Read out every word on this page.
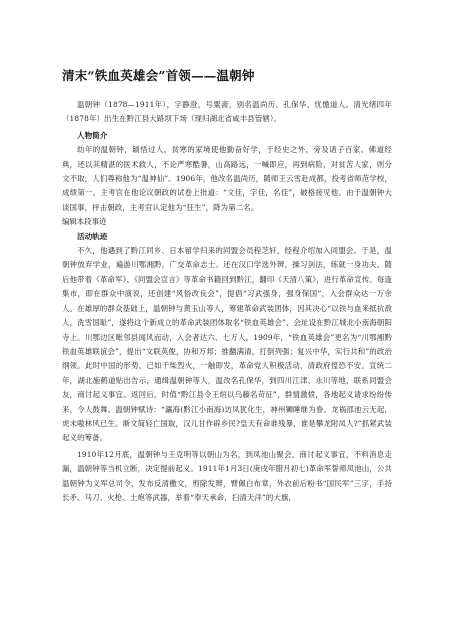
清末“铁血英雄会”首领——温朝钟

温朝钟（1878—1911年），字静澄，号粟斋，别名温尚历、孔保华、忧憺道人。清光绪四年（1878年）出生在黔江县大路坝下场（现归湖北省咸丰县管辖）。

人物简介

幼年的温朝钟，颖悟过人，贫寒的家境使他勤奋好学，于经史之外，旁及诸子百家、佛道经典，还以其精湛的医术救人，不论严寒酷暑，山高路远，一喊即应，再到病险，对贫苦人家，则分文不取，人们尊称他为“温神仙”。1906年，他改名温尚历，随师王云雪赴成都，投考省师范学校，成绩第一。主考官在他论议朝政的试卷上批道：“文佳，字佳，名佳”，破格接见他。由于温朝钟大谈国事，抨击朝政，主考官认定他为“狂生”，降为第二名。

编辑本段事迹

活动轨迹

不久，他遇到了黔江同乡、日本留学归来的同盟会员程芝轩，经程介绍加入同盟会。于是，温朝钟放弃学业，遍游川鄂湘黔，广交革命志士。还在汉口学选外辨，操习剑法，练就一身功夫。随后他带着《革命军》、《同盟会宣言》等革命书籍回到黔江，翻印《天清八策》，进行革命宣传。每逢集市，即在群众中演说，还创建“风俗改良会”，提倡“习武强身，强身保国”，入会群众达一万余人。在雄厚的群众基础上，温朝钟与黄玉山等人，筹建革命武装团体，因其决心“以铁与血来抵抗敌人，洗雪国耻”，遂将这个新成立的革命武装团体取名“铁血英雄会”，会址设在黔江城北小南海朝阳寺上。川鄂边区毗邻县闻风而动，入会者达六、七万人。1909年，“铁血英雄会”更名为“川鄂湘黔铁血英雄联谊会”，提出“文联英俊，协和万邦；推翻满清，打倒列强；复兴中华，实行共和”的政治纲领。此时中国的形势，已如干柴烈火，一触即发，革命党人积极活动，清政府惶恐不安。宣统二年，湖北施鹤道贴出告示，通缉温朝钟等人，温改名孔保华，到四川江津、永川等地，联系同盟会友，商讨起义事宜。返回后，时值“黔江县令王烜以乌藤名苛征”，群情激愤，各地起义请求纷纷传来，令人鼓舞。温朝钟赋诗：“瀛海(黔江小南海)访凤犹化生，神州狮睡继为眷。龙祸邵池云无起，虎未嗷林风已生。渐文简轻亡国取，汉儿甘作辟乡民?皇天有命谁残暴，谁是攀龙附凤人?”抓紧武装起义的筹备。

1910年12月底，温朝钟与王克明等以朝山为名，到凤池山聚会，商讨起义事宜，不料消息走漏，温朝钟等当机立断，决定提前起义。1911年1月3日(庚戌年腊月初七)革命军誓师凤池山，公共温朝钟为义军总司令，发布反清檄文，剪除发辫，臂佩白布章，外衣前后粉书“国民军”三字，手持长矛、马刀、火枪、土炮等武器，举着“奉天承命，扫清天洋”的大旗，
